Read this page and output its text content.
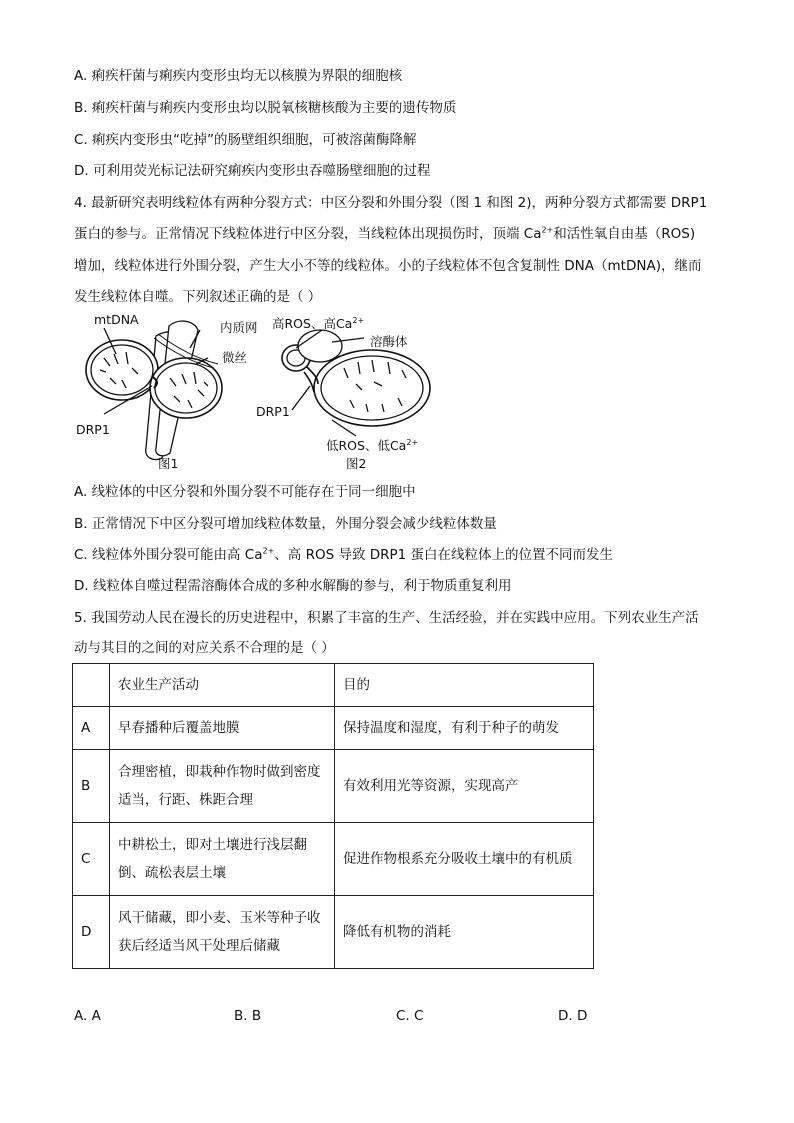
A. 痢疾杆菌与痢疾内变形虫均无以核膜为界限的细胞核
B. 痢疾杆菌与痢疾内变形虫均以脱氧核糖核酸为主要的遗传物质
C. 痢疾内变形虫“吃掉”的肠壁组织细胞，可被溶菌酶降解
D. 可利用荧光标记法研究痢疾内变形虫吞噬肠壁细胞的过程
4. 最新研究表明线粒体有两种分裂方式：中区分裂和外围分裂（图 1 和图 2)，两种分裂方式都需要 DRP1
蛋白的参与。正常情况下线粒体进行中区分裂，当线粒体出现损伤时，顶端 $Ca^{2+}$和活性氧自由基（ROS)
增加，线粒体进行外围分裂，产生大小不等的线粒体。小的子线粒体不包含复制性 DNA（mtDNA)，继而
发生线粒体自噬。下列叙述正确的是（ ）
mtDNA
内质网
微丝
DRP1
图1
高ROS、高$Ca^{2+}$
溶酶体
DRP1
低ROS、低$Ca^{2+}$
图2
A. 线粒体的中区分裂和外围分裂不可能存在于同一细胞中
B. 正常情况下中区分裂可增加线粒体数量，外围分裂会减少线粒体数量
C. 线粒体外围分裂可能由高 $Ca^{2+}$、高 ROS 导致 DRP1 蛋白在线粒体上的位置不同而发生
D. 线粒体自噬过程需溶酶体合成的多种水解酶的参与，利于物质重复利用
5. 我国劳动人民在漫长的历史进程中，积累了丰富的生产、生活经验，并在实践中应用。下列农业生产活
动与其目的之间的对应关系不合理的是（ ）
	农业生产活动	目的
A	早春播种后覆盖地膜	保持温度和湿度，有利于种子的萌发
B	合理密植，即栽种作物时做到密度
适当，行距、株距合理	有效利用光等资源，实现高产
C	中耕松土，即对土壤进行浅层翻
倒、疏松表层土壤	促进作物根系充分吸收土壤中的有机质
D	风干储藏，即小麦、玉米等种子收
获后经适当风干处理后储藏	降低有机物的消耗
A. A	B. B	C. C	D. D
